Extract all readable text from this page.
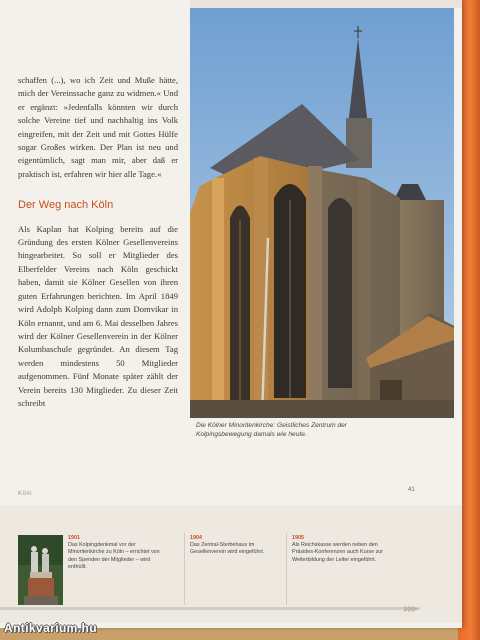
schaffen (...), wo ich Zeit und Muße hätte, mich der Vereinssache ganz zu widmen.« Und er ergänzt: »Jedenfalls könnten wir durch solche Vereine tief und nachhaltig ins Volk eingreifen, mit der Zeit und mit Gottes Hülfe sogar Großes wirken. Der Plan ist neu und eigentümlich, sagt man mir, aber daß er praktisch ist, erfahren wir hier alle Tage.«

Der Weg nach Köln

Als Kaplan hat Kolping bereits auf die Gründung des ersten Kölner Gesellenvereins hingearbeitet. So soll er Mitglieder des Elberfelder Vereins nach Köln geschickt haben, damit sie Kölner Gesellen von ihren guten Erfahrungen berichten. Im April 1849 wird Adolph Kolping dann zum Domvikar in Köln ernannt, und am 6. Mai desselben Jahres wird der Kölner Gesellenverein in der Kölner Kolumbaschule gegründet. An diesem Tag werden mindestens 50 Mitglieder aufgenommen. Fünf Monate später zählt der Verein bereits 130 Mitglieder. Zu dieser Zeit schreibt

Die Kölner Minoritenkirche: Geistliches Zentrum der Kolpingsbewegung damals wie heute.
Köln
41
1901
Das Kolpingdenkmal vor der Minoritenkirche zu Köln – errichtet von den Spenden der Mitglieder – wird enthüllt.
1904
Das Zentral-Sterbehaus im Gesellenverein wird eingeführt.
1905
Als Reichskasse werden neben den Präsides-Konferenzen auch Kurse zur Weiterbildung der Leiter eingeführt.
▶▶▶
Antikvarium.hu
